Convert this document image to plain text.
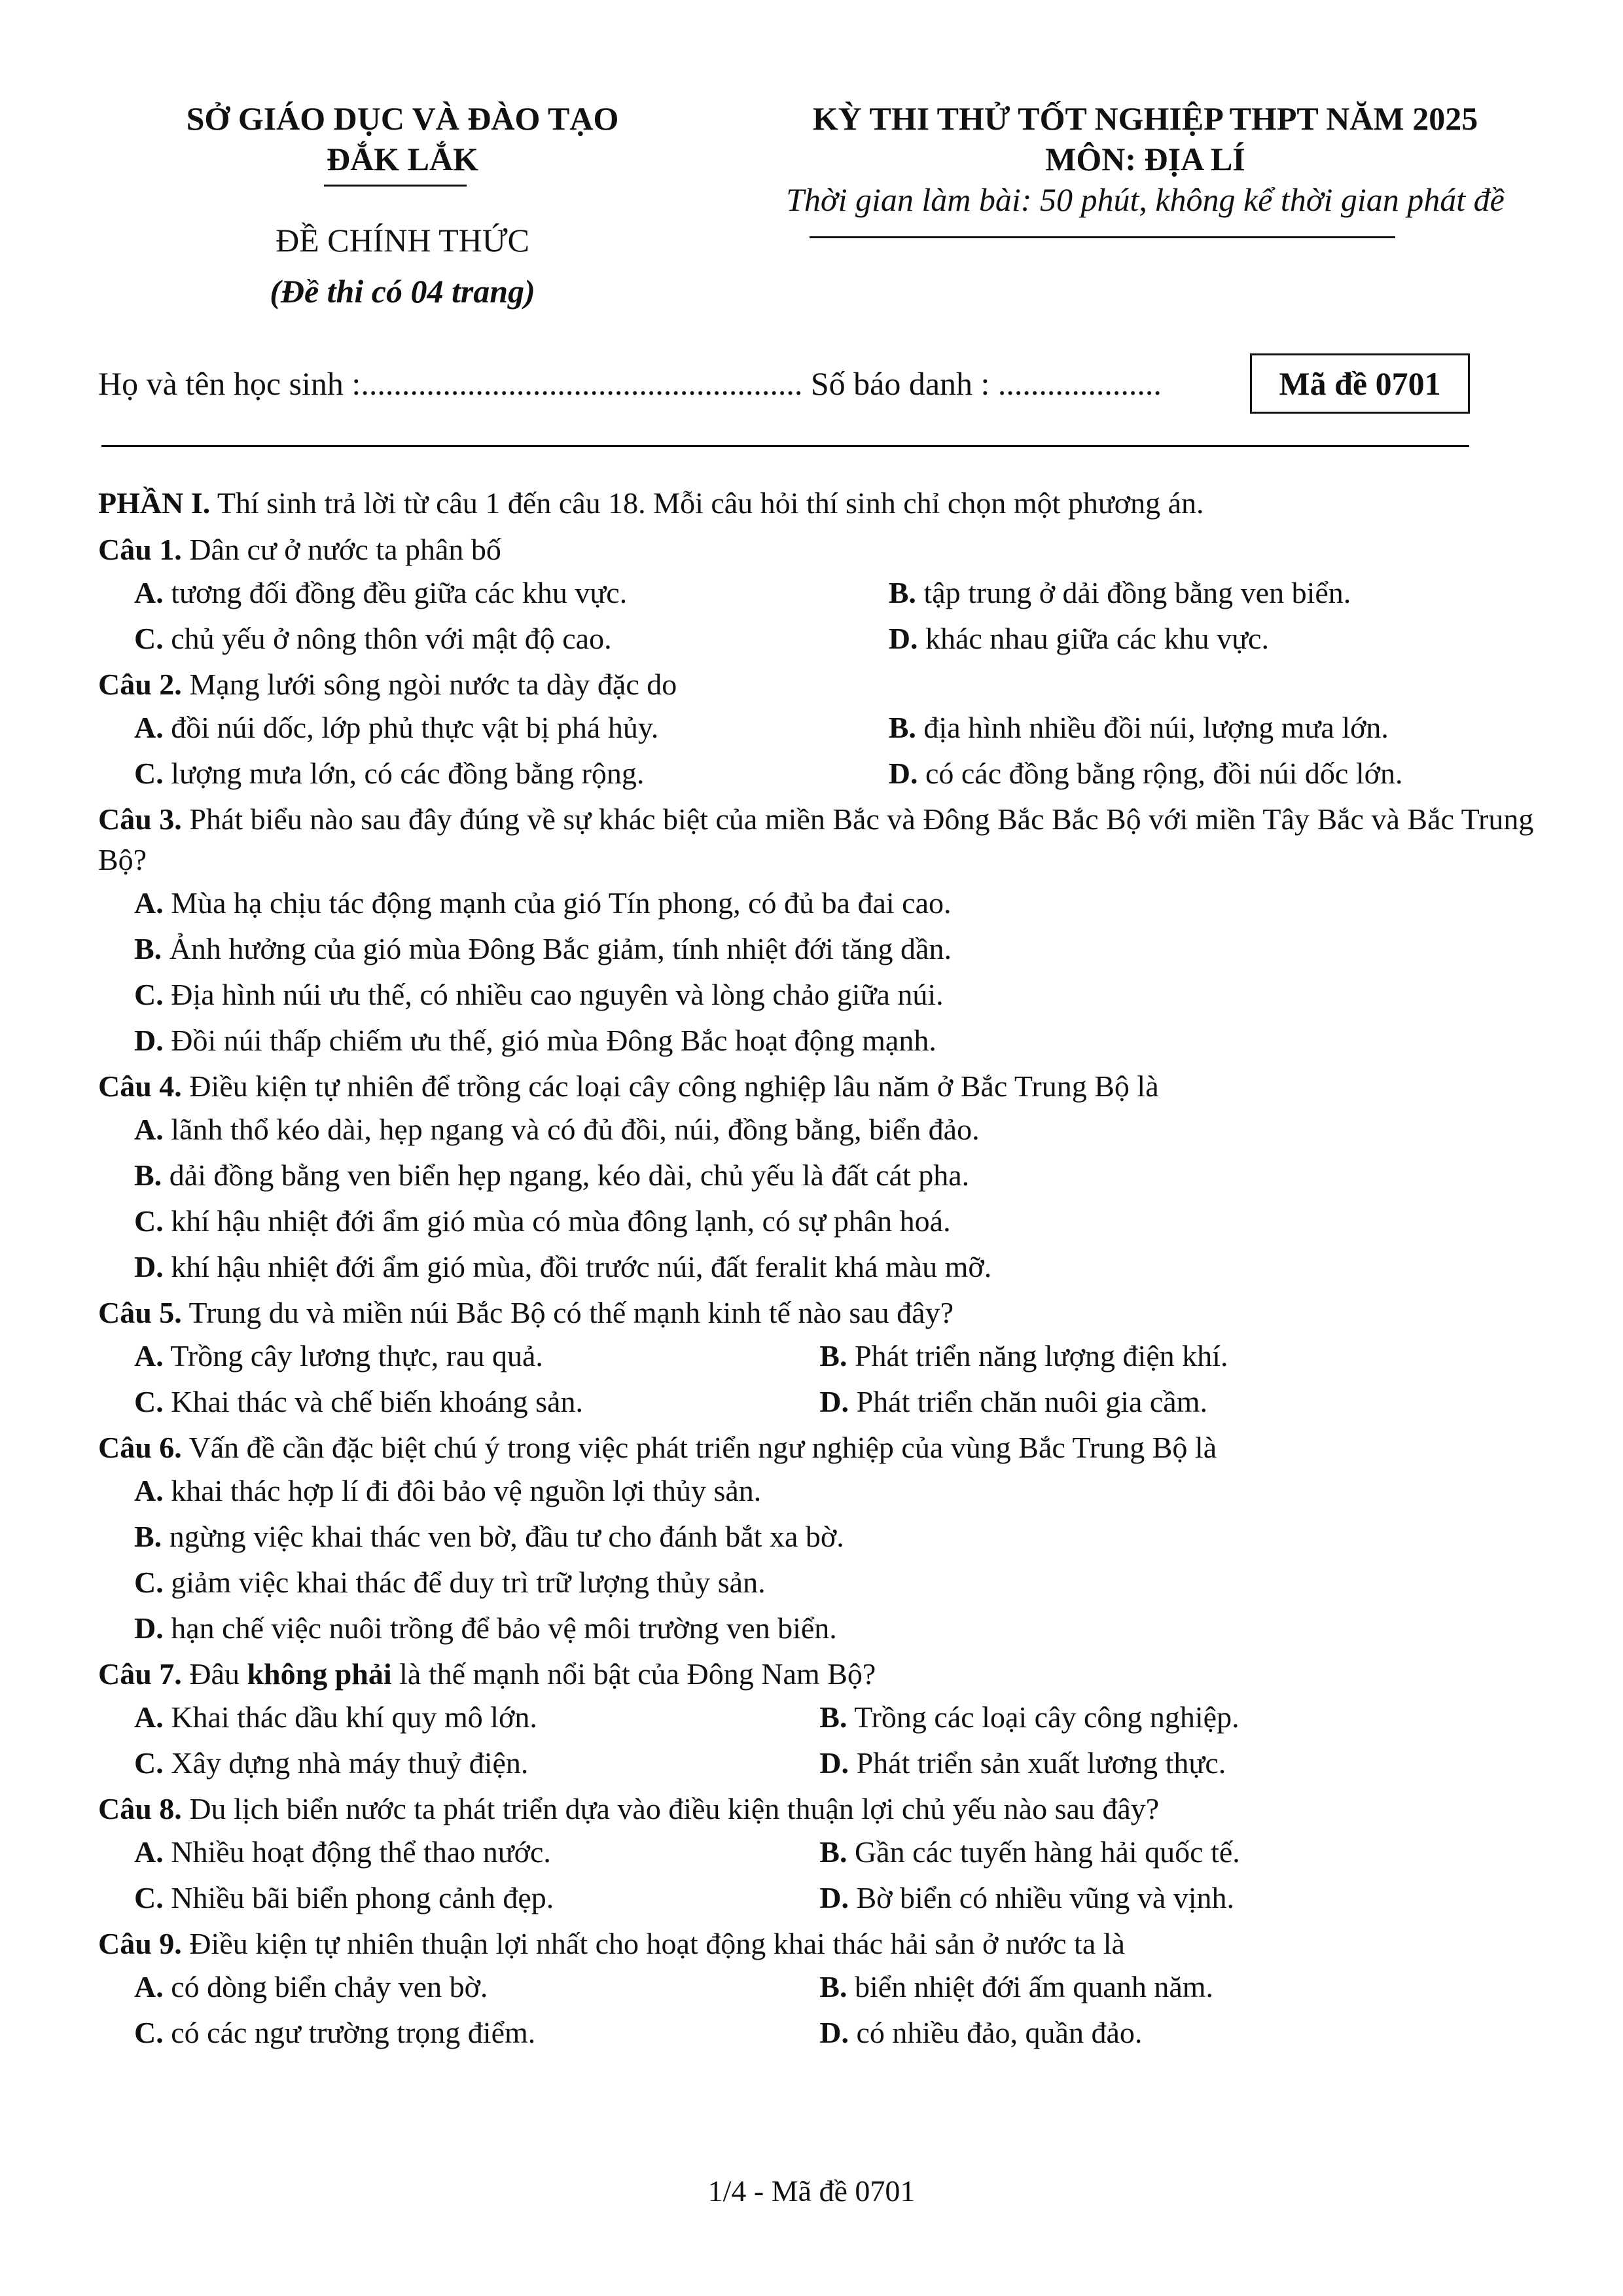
SỞ GIÁO DỤC VÀ ĐÀO TẠO
ĐẮK LẮK
ĐỀ CHÍNH THỨC
(Đề thi có 04 trang)
KỲ THI THỬ TỐT NGHIỆP THPT NĂM 2025
MÔN: ĐỊA LÍ
Thời gian làm bài: 50 phút, không kể thời gian phát đề
Họ và tên học sinh :...................................................... Số báo danh : ....................	Mã đề 0701
PHẦN I. Thí sinh trả lời từ câu 1 đến câu 18. Mỗi câu hỏi thí sinh chỉ chọn một phương án.
Câu 1. Dân cư ở nước ta phân bố
A. tương đối đồng đều giữa các khu vực.	B. tập trung ở dải đồng bằng ven biển.
C. chủ yếu ở nông thôn với mật độ cao.	D. khác nhau giữa các khu vực.
Câu 2. Mạng lưới sông ngòi nước ta dày đặc do
A. đồi núi dốc, lớp phủ thực vật bị phá hủy.	B. địa hình nhiều đồi núi, lượng mưa lớn.
C. lượng mưa lớn, có các đồng bằng rộng.	D. có các đồng bằng rộng, đồi núi dốc lớn.
Câu 3. Phát biểu nào sau đây đúng về sự khác biệt của miền Bắc và Đông Bắc Bắc Bộ với miền Tây Bắc và Bắc Trung Bộ?
A. Mùa hạ chịu tác động mạnh của gió Tín phong, có đủ ba đai cao.
B. Ảnh hưởng của gió mùa Đông Bắc giảm, tính nhiệt đới tăng dần.
C. Địa hình núi ưu thế, có nhiều cao nguyên và lòng chảo giữa núi.
D. Đồi núi thấp chiếm ưu thế, gió mùa Đông Bắc hoạt động mạnh.
Câu 4. Điều kiện tự nhiên để trồng các loại cây công nghiệp lâu năm ở Bắc Trung Bộ là
A. lãnh thổ kéo dài, hẹp ngang và có đủ đồi, núi, đồng bằng, biển đảo.
B. dải đồng bằng ven biển hẹp ngang, kéo dài, chủ yếu là đất cát pha.
C. khí hậu nhiệt đới ẩm gió mùa có mùa đông lạnh, có sự phân hoá.
D. khí hậu nhiệt đới ẩm gió mùa, đồi trước núi, đất feralit khá màu mỡ.
Câu 5. Trung du và miền núi Bắc Bộ có thế mạnh kinh tế nào sau đây?
A. Trồng cây lương thực, rau quả.	B. Phát triển năng lượng điện khí.
C. Khai thác và chế biến khoáng sản.	D. Phát triển chăn nuôi gia cầm.
Câu 6. Vấn đề cần đặc biệt chú ý trong việc phát triển ngư nghiệp của vùng Bắc Trung Bộ là
A. khai thác hợp lí đi đôi bảo vệ nguồn lợi thủy sản.
B. ngừng việc khai thác ven bờ, đầu tư cho đánh bắt xa bờ.
C. giảm việc khai thác để duy trì trữ lượng thủy sản.
D. hạn chế việc nuôi trồng để bảo vệ môi trường ven biển.
Câu 7. Đâu không phải là thế mạnh nổi bật của Đông Nam Bộ?
A. Khai thác dầu khí quy mô lớn.	B. Trồng các loại cây công nghiệp.
C. Xây dựng nhà máy thuỷ điện.	D. Phát triển sản xuất lương thực.
Câu 8. Du lịch biển nước ta phát triển dựa vào điều kiện thuận lợi chủ yếu nào sau đây?
A. Nhiều hoạt động thể thao nước.	B. Gần các tuyến hàng hải quốc tế.
C. Nhiều bãi biển phong cảnh đẹp.	D. Bờ biển có nhiều vũng và vịnh.
Câu 9. Điều kiện tự nhiên thuận lợi nhất cho hoạt động khai thác hải sản ở nước ta là
A. có dòng biển chảy ven bờ.	B. biển nhiệt đới ấm quanh năm.
C. có các ngư trường trọng điểm.	D. có nhiều đảo, quần đảo.
1/4 - Mã đề 0701
